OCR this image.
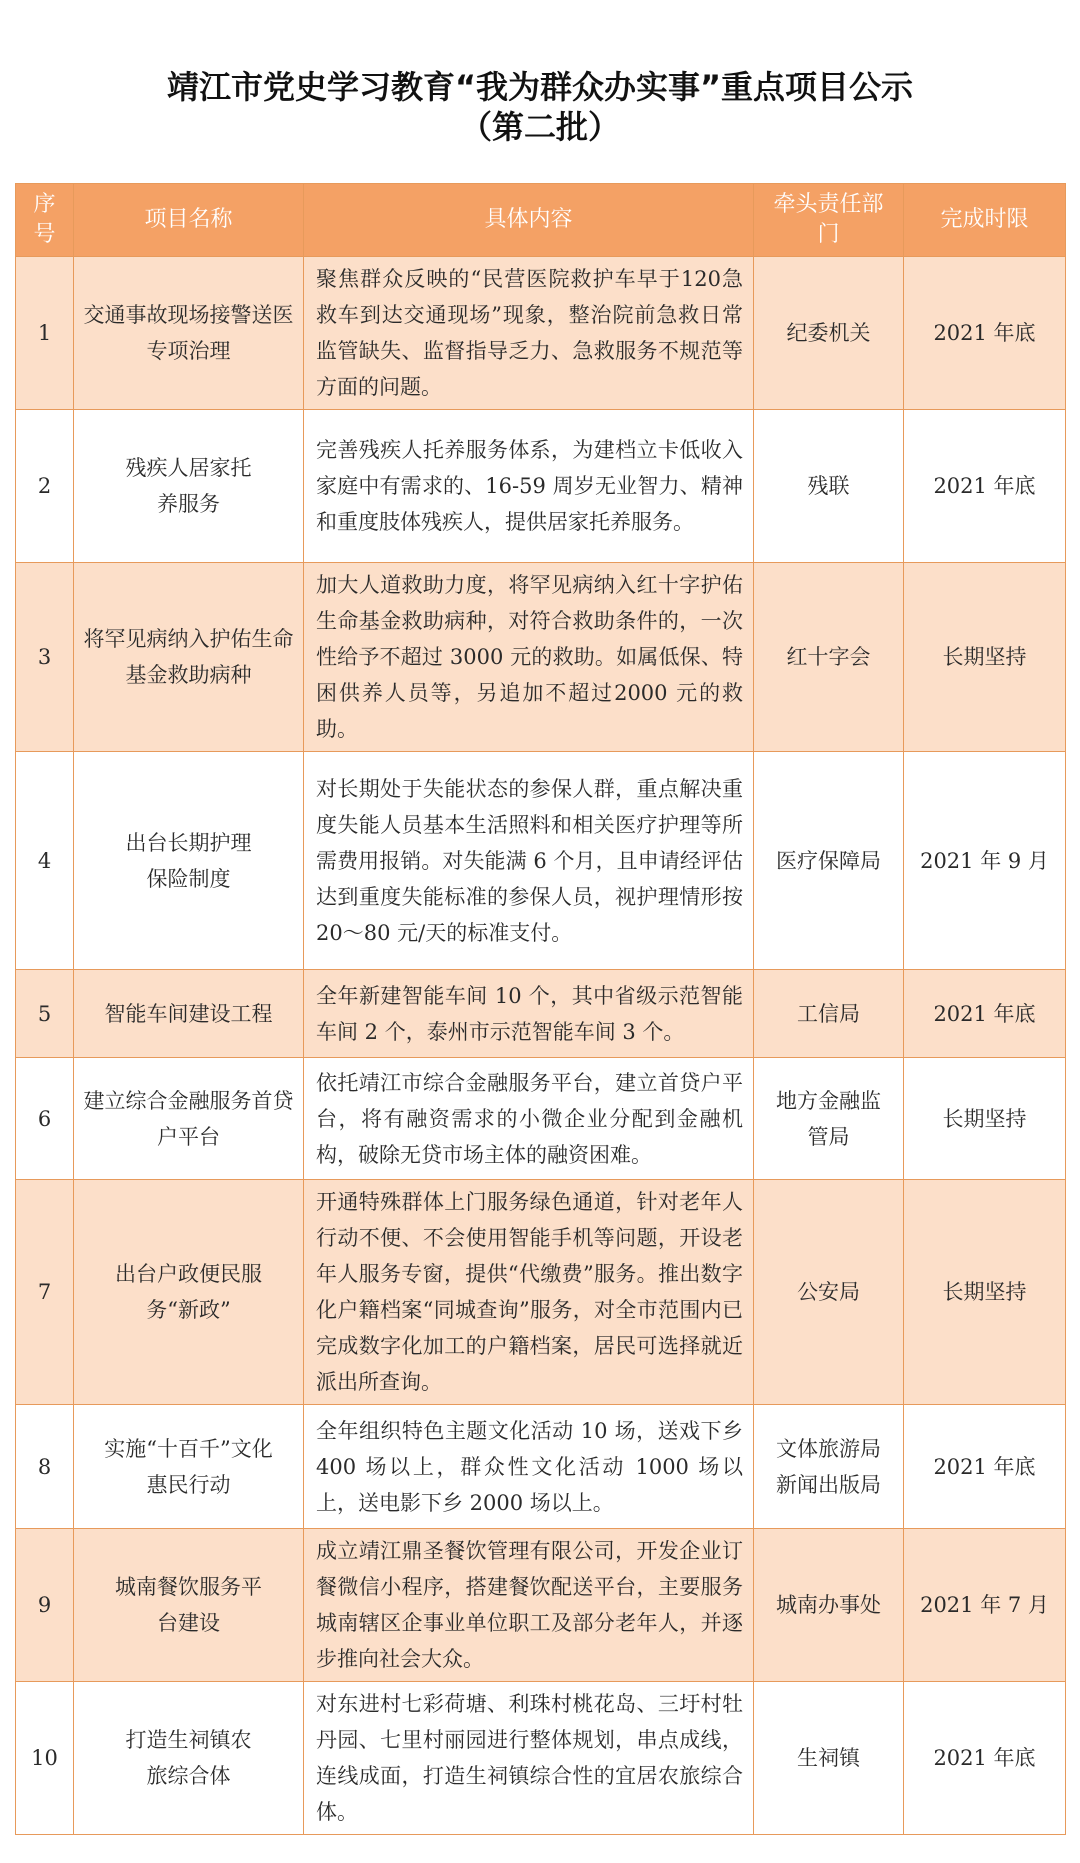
靖江市党史学习教育“我为群众办实事”重点项目公示
（第二批）
序号	项目名称	具体内容	牵头责任部门	完成时限
1	交通事故现场接警送医专项治理	聚焦群众反映的“民营医院救护车早于120急救车到达交通现场”现象，整治院前急救日常监管缺失、监督指导乏力、急救服务不规范等方面的问题。	纪委机关	2021 年底
2	残疾人居家托养服务	完善残疾人托养服务体系，为建档立卡低收入家庭中有需求的、16-59 周岁无业智力、精神和重度肢体残疾人，提供居家托养服务。	残联	2021 年底
3	将罕见病纳入护佑生命基金救助病种	加大人道救助力度，将罕见病纳入红十字护佑生命基金救助病种，对符合救助条件的，一次性给予不超过 3000 元的救助。如属低保、特困供养人员等，另追加不超过2000 元的救助。	红十字会	长期坚持
4	出台长期护理保险制度	对长期处于失能状态的参保人群，重点解决重度失能人员基本生活照料和相关医疗护理等所需费用报销。对失能满 6 个月，且申请经评估达到重度失能标准的参保人员，视护理情形按 20～80 元/天的标准支付。	医疗保障局	2021 年 9 月
5	智能车间建设工程	全年新建智能车间 10 个，其中省级示范智能车间 2 个，泰州市示范智能车间 3 个。	工信局	2021 年底
6	建立综合金融服务首贷户平台	依托靖江市综合金融服务平台，建立首贷户平台，将有融资需求的小微企业分配到金融机构，破除无贷市场主体的融资困难。	地方金融监管局	长期坚持
7	出台户政便民服务“新政”	开通特殊群体上门服务绿色通道，针对老年人行动不便、不会使用智能手机等问题，开设老年人服务专窗，提供“代缴费”服务。推出数字化户籍档案“同城查询”服务，对全市范围内已完成数字化加工的户籍档案，居民可选择就近派出所查询。	公安局	长期坚持
8	实施“十百千”文化惠民行动	全年组织特色主题文化活动 10 场，送戏下乡 400 场以上，群众性文化活动 1000 场以上，送电影下乡 2000 场以上。	文体旅游局新闻出版局	2021 年底
9	城南餐饮服务平台建设	成立靖江鼎圣餐饮管理有限公司，开发企业订餐微信小程序，搭建餐饮配送平台，主要服务城南辖区企事业单位职工及部分老年人，并逐步推向社会大众。	城南办事处	2021 年 7 月
10	打造生祠镇农旅综合体	对东进村七彩荷塘、利珠村桃花岛、三圩村牡丹园、七里村丽园进行整体规划，串点成线，连线成面，打造生祠镇综合性的宜居农旅综合体。	生祠镇	2021 年底
